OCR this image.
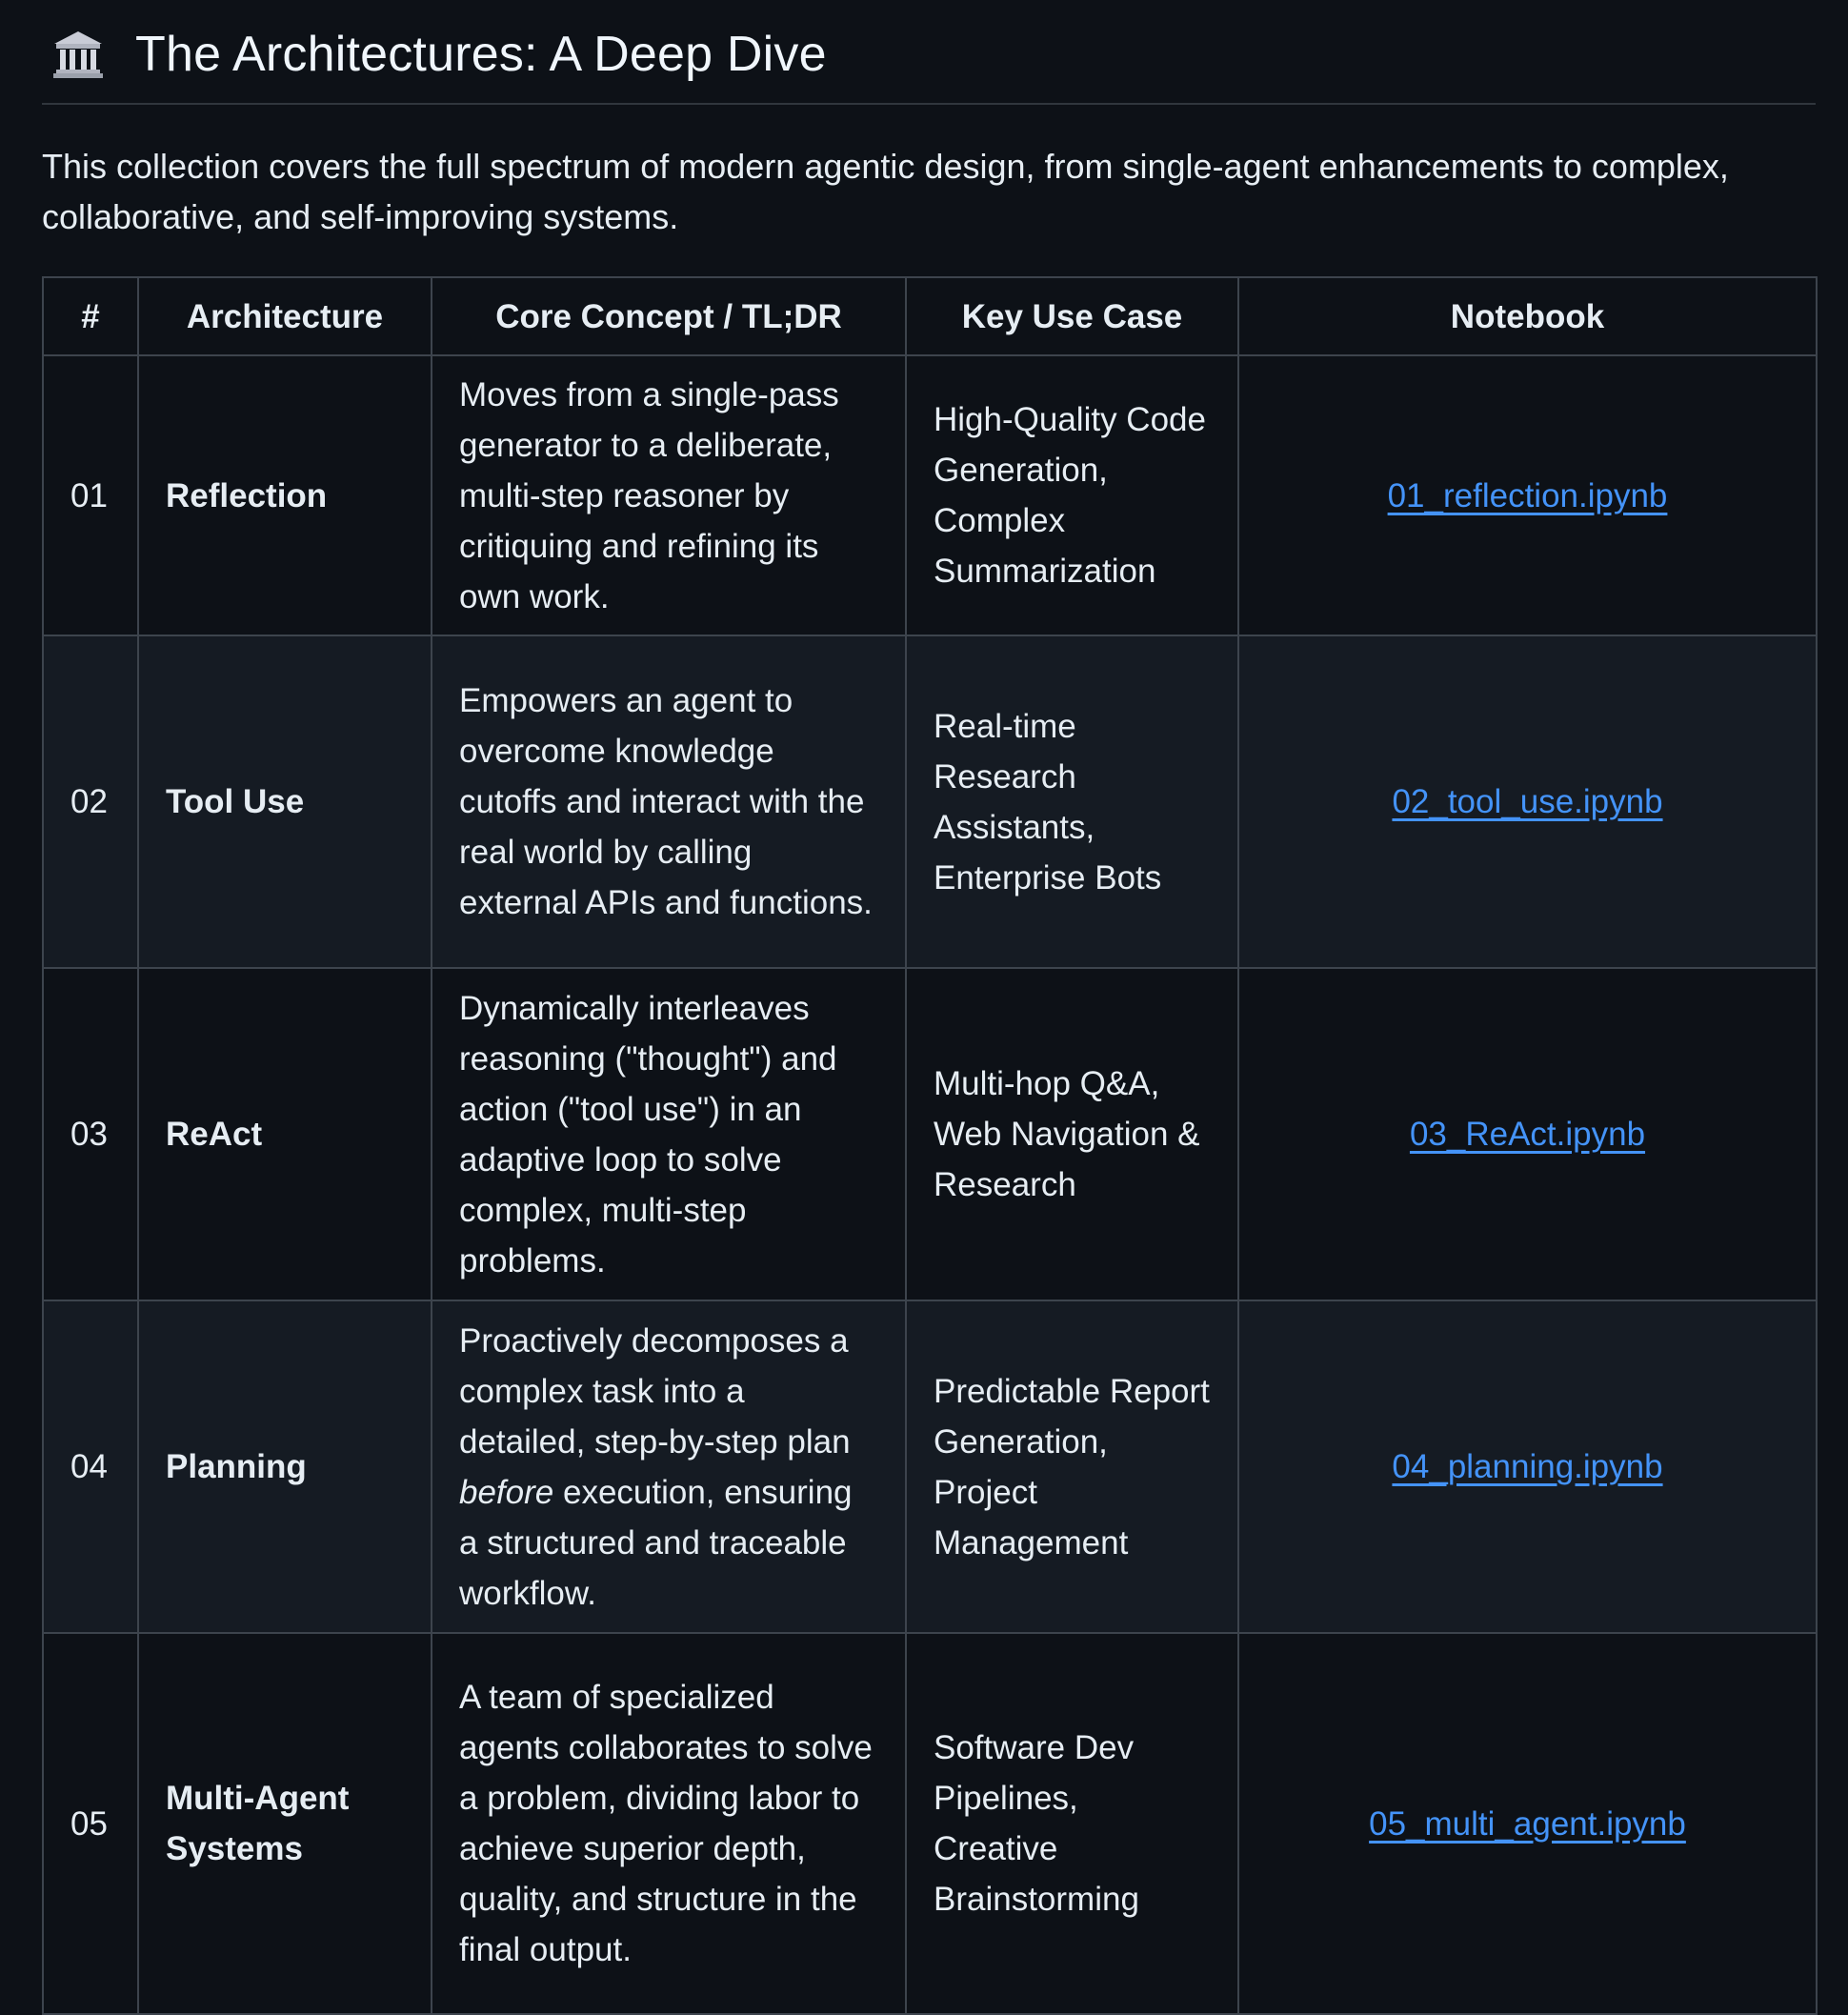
The Architectures: A Deep Dive

This collection covers the full spectrum of modern agentic design, from single-agent enhancements to complex, collaborative, and self-improving systems.

#	Architecture	Core Concept / TL;DR	Key Use Case	Notebook
01	Reflection	Moves from a single-pass generator to a deliberate, multi-step reasoner by critiquing and refining its own work.	High-Quality Code Generation, Complex Summarization	01_reflection.ipynb
02	Tool Use	Empowers an agent to overcome knowledge cutoffs and interact with the real world by calling external APIs and functions.	Real-time Research Assistants, Enterprise Bots	02_tool_use.ipynb
03	ReAct	Dynamically interleaves reasoning ("thought") and action ("tool use") in an adaptive loop to solve complex, multi-step problems.	Multi-hop Q&A, Web Navigation & Research	03_ReAct.ipynb
04	Planning	Proactively decomposes a complex task into a detailed, step-by-step plan before execution, ensuring a structured and traceable workflow.	Predictable Report Generation, Project Management	04_planning.ipynb
05	Multi-Agent Systems	A team of specialized agents collaborates to solve a problem, dividing labor to achieve superior depth, quality, and structure in the final output.	Software Dev Pipelines, Creative Brainstorming	05_multi_agent.ipynb
